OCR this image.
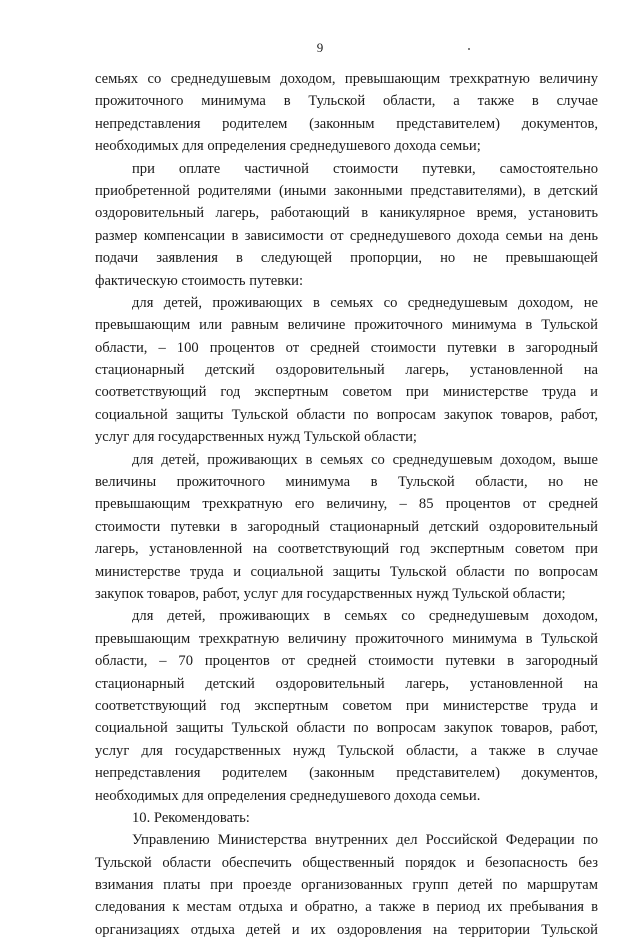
9
семьях со среднедушевым доходом, превышающим трехкратную величину
прожиточного минимума в Тульской области, а также в случае
непредставления родителем (законным представителем) документов,
необходимых для определения среднедушевого дохода семьи;
при оплате частичной стоимости путевки, самостоятельно
приобретенной родителями (иными законными представителями), в детский
оздоровительный лагерь, работающий в каникулярное время, установить
размер компенсации в зависимости от среднедушевого дохода семьи на день
подачи заявления в следующей пропорции, но не превышающей
фактическую стоимость путевки:
для детей, проживающих в семьях со среднедушевым доходом, не
превышающим или равным величине прожиточного минимума в Тульской
области, – 100 процентов от средней стоимости путевки в загородный
стационарный детский оздоровительный лагерь, установленной на
соответствующий год экспертным советом при министерстве труда и
социальной защиты Тульской области по вопросам закупок товаров, работ,
услуг для государственных нужд Тульской области;
для детей, проживающих в семьях со среднедушевым доходом, выше
величины прожиточного минимума в Тульской области, но не
превышающим трехкратную его величину, – 85 процентов от средней
стоимости путевки в загородный стационарный детский оздоровительный
лагерь, установленной на соответствующий год экспертным советом при
министерстве труда и социальной защиты Тульской области по вопросам
закупок товаров, работ, услуг для государственных нужд Тульской области;
для детей, проживающих в семьях со среднедушевым доходом,
превышающим трехкратную величину прожиточного минимума в Тульской
области, – 70 процентов от средней стоимости путевки в загородный
стационарный детский оздоровительный лагерь, установленной на
соответствующий год экспертным советом при министерстве труда и
социальной защиты Тульской области по вопросам закупок товаров, работ,
услуг для государственных нужд Тульской области, а также в случае
непредставления родителем (законным представителем) документов,
необходимых для определения среднедушевого дохода семьи.
10. Рекомендовать:
Управлению Министерства внутренних дел Российской Федерации по
Тульской области обеспечить общественный порядок и безопасность без
взимания платы при проезде организованных групп детей по маршрутам
следования к местам отдыха и обратно, а также в период их пребывания в
организациях отдыха детей и их оздоровления на территории Тульской
